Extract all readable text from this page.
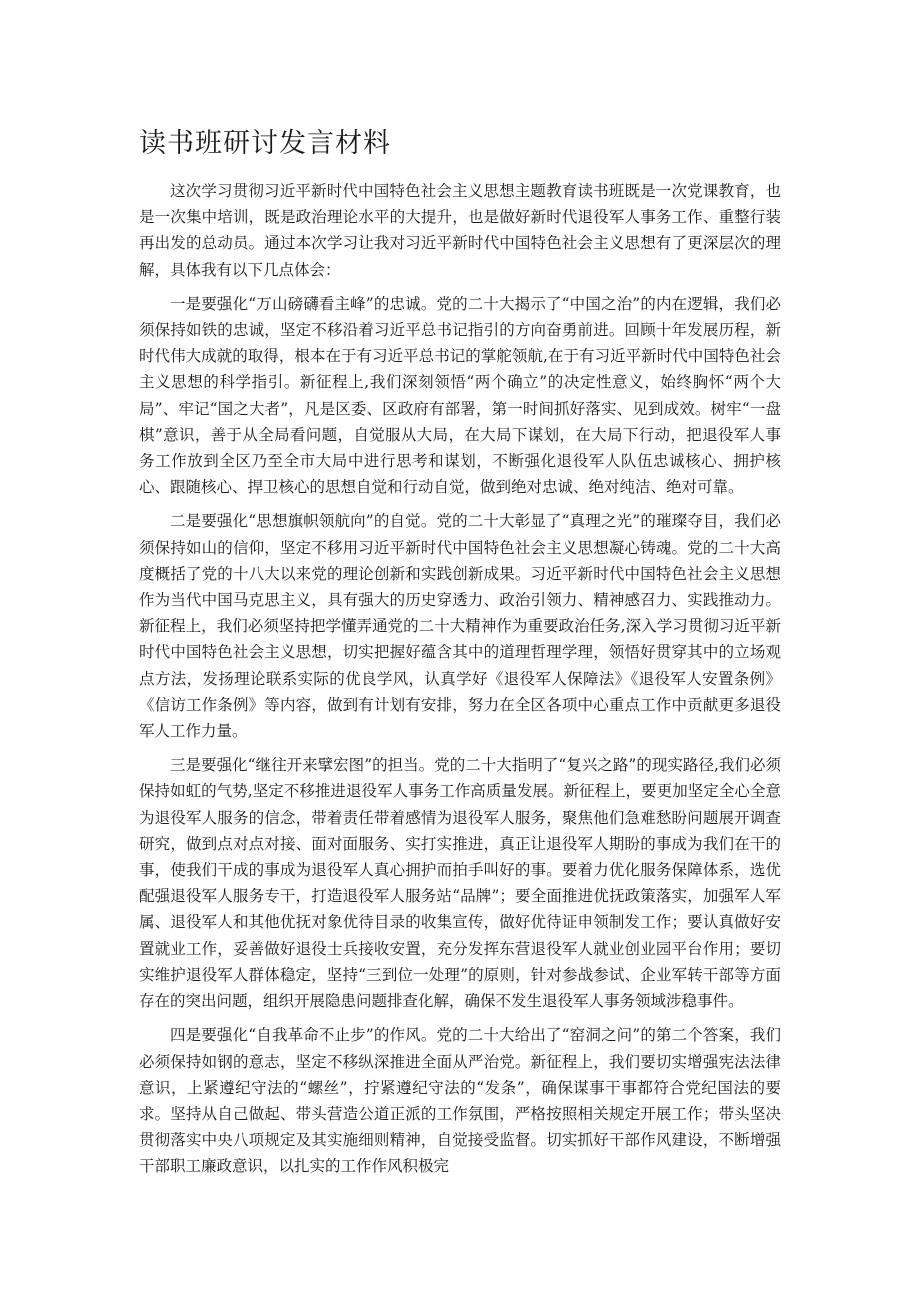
读书班研讨发言材料

这次学习贯彻习近平新时代中国特色社会主义思想主题教育读书班既是一次党课教育，也是一次集中培训，既是政治理论水平的大提升，也是做好新时代退役军人事务工作、重整行装再出发的总动员。通过本次学习让我对习近平新时代中国特色社会主义思想有了更深层次的理解，具体我有以下几点体会：

一是要强化“万山磅礴看主峰”的忠诚。党的二十大揭示了“中国之治”的内在逻辑，我们必须保持如铁的忠诚，坚定不移沿着习近平总书记指引的方向奋勇前进。回顾十年发展历程，新时代伟大成就的取得，根本在于有习近平总书记的掌舵领航,在于有习近平新时代中国特色社会主义思想的科学指引。新征程上,我们深刻领悟“两个确立”的决定性意义，始终胸怀“两个大局”、牢记“国之大者”，凡是区委、区政府有部署，第一时间抓好落实、见到成效。树牢“一盘棋”意识，善于从全局看问题，自觉服从大局，在大局下谋划，在大局下行动，把退役军人事务工作放到全区乃至全市大局中进行思考和谋划，不断强化退役军人队伍忠诚核心、拥护核心、跟随核心、捍卫核心的思想自觉和行动自觉，做到绝对忠诚、绝对纯洁、绝对可靠。

二是要强化“思想旗帜领航向”的自觉。党的二十大彰显了“真理之光”的璀璨夺目，我们必须保持如山的信仰，坚定不移用习近平新时代中国特色社会主义思想凝心铸魂。党的二十大高度概括了党的十八大以来党的理论创新和实践创新成果。习近平新时代中国特色社会主义思想作为当代中国马克思主义，具有强大的历史穿透力、政治引领力、精神感召力、实践推动力。新征程上，我们必须坚持把学懂弄通党的二十大精神作为重要政治任务,深入学习贯彻习近平新时代中国特色社会主义思想，切实把握好蕴含其中的道理哲理学理，领悟好贯穿其中的立场观点方法，发扬理论联系实际的优良学风，认真学好《退役军人保障法》《退役军人安置条例》《信访工作条例》等内容，做到有计划有安排，努力在全区各项中心重点工作中贡献更多退役军人工作力量。

三是要强化“继往开来擘宏图”的担当。党的二十大指明了“复兴之路”的现实路径,我们必须保持如虹的气势,坚定不移推进退役军人事务工作高质量发展。新征程上，要更加坚定全心全意为退役军人服务的信念，带着责任带着感情为退役军人服务，聚焦他们急难愁盼问题展开调查研究，做到点对点对接、面对面服务、实打实推进，真正让退役军人期盼的事成为我们在干的事，使我们干成的事成为退役军人真心拥护而拍手叫好的事。要着力优化服务保障体系，选优配强退役军人服务专干，打造退役军人服务站“品牌”；要全面推进优抚政策落实，加强军人军属、退役军人和其他优抚对象优待目录的收集宣传，做好优待证申领制发工作；要认真做好安置就业工作，妥善做好退役士兵接收安置，充分发挥东营退役军人就业创业园平台作用；要切实维护退役军人群体稳定，坚持“三到位一处理”的原则，针对参战参试、企业军转干部等方面存在的突出问题，组织开展隐患问题排查化解，确保不发生退役军人事务领域涉稳事件。

四是要强化“自我革命不止步”的作风。党的二十大给出了“窑洞之问”的第二个答案，我们必须保持如钢的意志，坚定不移纵深推进全面从严治党。新征程上，我们要切实增强宪法法律意识，上紧遵纪守法的“螺丝”，拧紧遵纪守法的“发条”，确保谋事干事都符合党纪国法的要求。坚持从自己做起、带头营造公道正派的工作氛围，严格按照相关规定开展工作；带头坚决贯彻落实中央八项规定及其实施细则精神，自觉接受监督。切实抓好干部作风建设，不断增强干部职工廉政意识，以扎实的工作作风积极完
